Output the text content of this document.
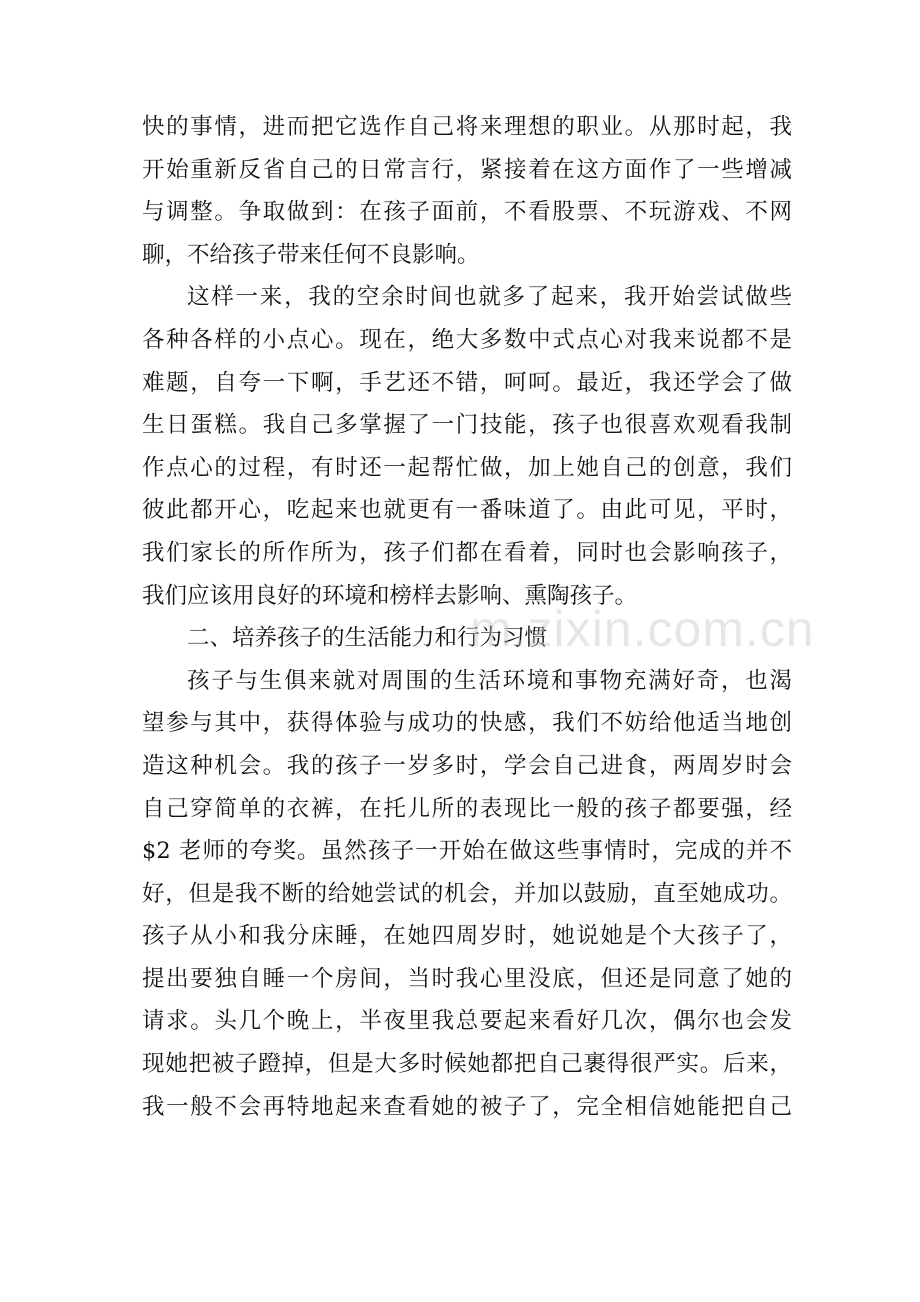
快的事情，进而把它选作自己将来理想的职业。从那时起，我
开始重新反省自己的日常言行，紧接着在这方面作了一些增减
与调整。争取做到：在孩子面前，不看股票、不玩游戏、不网
聊，不给孩子带来任何不良影响。
这样一来，我的空余时间也就多了起来，我开始尝试做些
各种各样的小点心。现在，绝大多数中式点心对我来说都不是
难题，自夸一下啊，手艺还不错，呵呵。最近，我还学会了做
生日蛋糕。我自己多掌握了一门技能，孩子也很喜欢观看我制
作点心的过程，有时还一起帮忙做，加上她自己的创意，我们
彼此都开心，吃起来也就更有一番味道了。由此可见，平时，
我们家长的所作所为，孩子们都在看着，同时也会影响孩子，
我们应该用良好的环境和榜样去影响、熏陶孩子。
二、培养孩子的生活能力和行为习惯
孩子与生俱来就对周围的生活环境和事物充满好奇，也渴
望参与其中，获得体验与成功的快感，我们不妨给他适当地创
造这种机会。我的孩子一岁多时，学会自己进食，两周岁时会
自己穿简单的衣裤，在托儿所的表现比一般的孩子都要强，经
$2 老师的夸奖。虽然孩子一开始在做这些事情时，完成的并不
好，但是我不断的给她尝试的机会，并加以鼓励，直至她成功。
孩子从小和我分床睡，在她四周岁时，她说她是个大孩子了，
提出要独自睡一个房间，当时我心里没底，但还是同意了她的
请求。头几个晚上，半夜里我总要起来看好几次，偶尔也会发
现她把被子蹬掉，但是大多时候她都把自己裹得很严实。后来，
我一般不会再特地起来查看她的被子了，完全相信她能把自己
m.zixin.com.cn
